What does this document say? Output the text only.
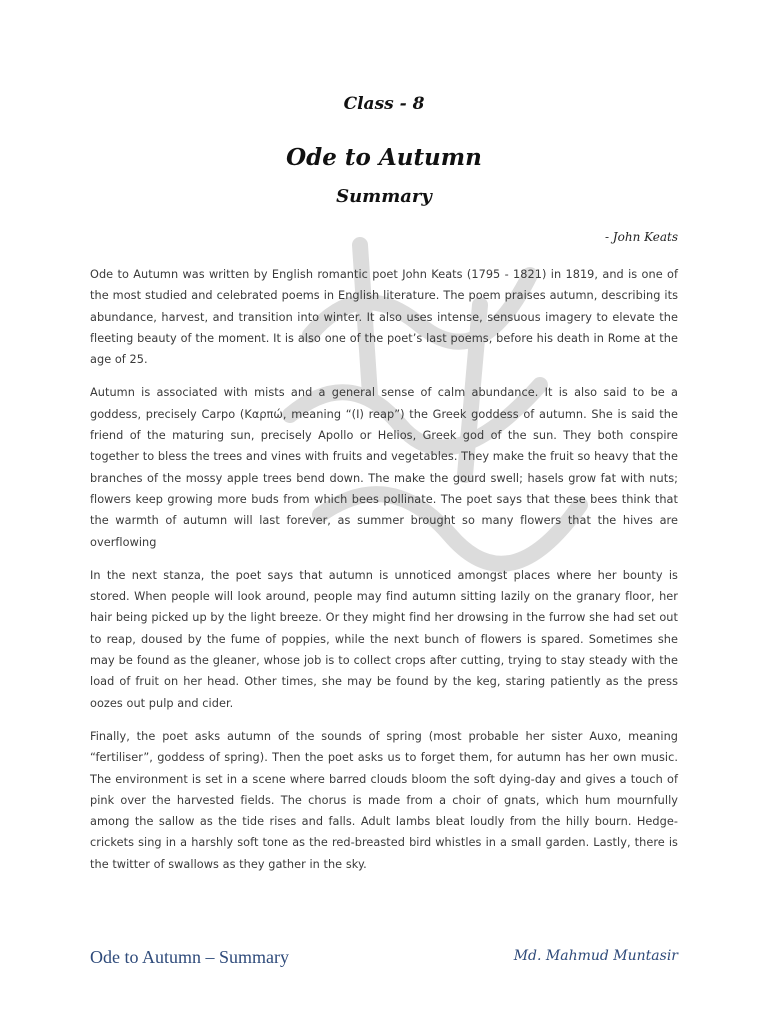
Class - 8
Ode to Autumn
Summary
- John Keats

Ode to Autumn was written by English romantic poet John Keats (1795 - 1821) in 1819, and is one of the most studied and celebrated poems in English literature. The poem praises autumn, describing its abundance, harvest, and transition into winter. It also uses intense, sensuous imagery to elevate the fleeting beauty of the moment. It is also one of the poet’s last poems, before his death in Rome at the age of 25.

Autumn is associated with mists and a general sense of calm abundance. It is also said to be a goddess, precisely Carpo (Καρπώ, meaning “(I) reap”) the Greek goddess of autumn. She is said the friend of the maturing sun, precisely Apollo or Helios, Greek god of the sun. They both conspire together to bless the trees and vines with fruits and vegetables. They make the fruit so heavy that the branches of the mossy apple trees bend down. The make the gourd swell; hasels grow fat with nuts; flowers keep growing more buds from which bees pollinate. The poet says that these bees think that the warmth of autumn will last forever, as summer brought so many flowers that the hives are overflowing

In the next stanza, the poet says that autumn is unnoticed amongst places where her bounty is stored. When people will look around, people may find autumn sitting lazily on the granary floor, her hair being picked up by the light breeze. Or they might find her drowsing in the furrow she had set out to reap, doused by the fume of poppies, while the next bunch of flowers is spared. Sometimes she may be found as the gleaner, whose job is to collect crops after cutting, trying to stay steady with the load of fruit on her head. Other times, she may be found by the keg, staring patiently as the press oozes out pulp and cider.

Finally, the poet asks autumn of the sounds of spring (most probable her sister Auxo, meaning “fertiliser”, goddess of spring). Then the poet asks us to forget them, for autumn has her own music. The environment is set in a scene where barred clouds bloom the soft dying-day and gives a touch of pink over the harvested fields. The chorus is made from a choir of gnats, which hum mournfully among the sallow as the tide rises and falls. Adult lambs bleat loudly from the hilly bourn. Hedge-crickets sing in a harshly soft tone as the red-breasted bird whistles in a small garden. Lastly, there is the twitter of swallows as they gather in the sky.

Ode to Autumn – Summary	Md. Mahmud Muntasir
